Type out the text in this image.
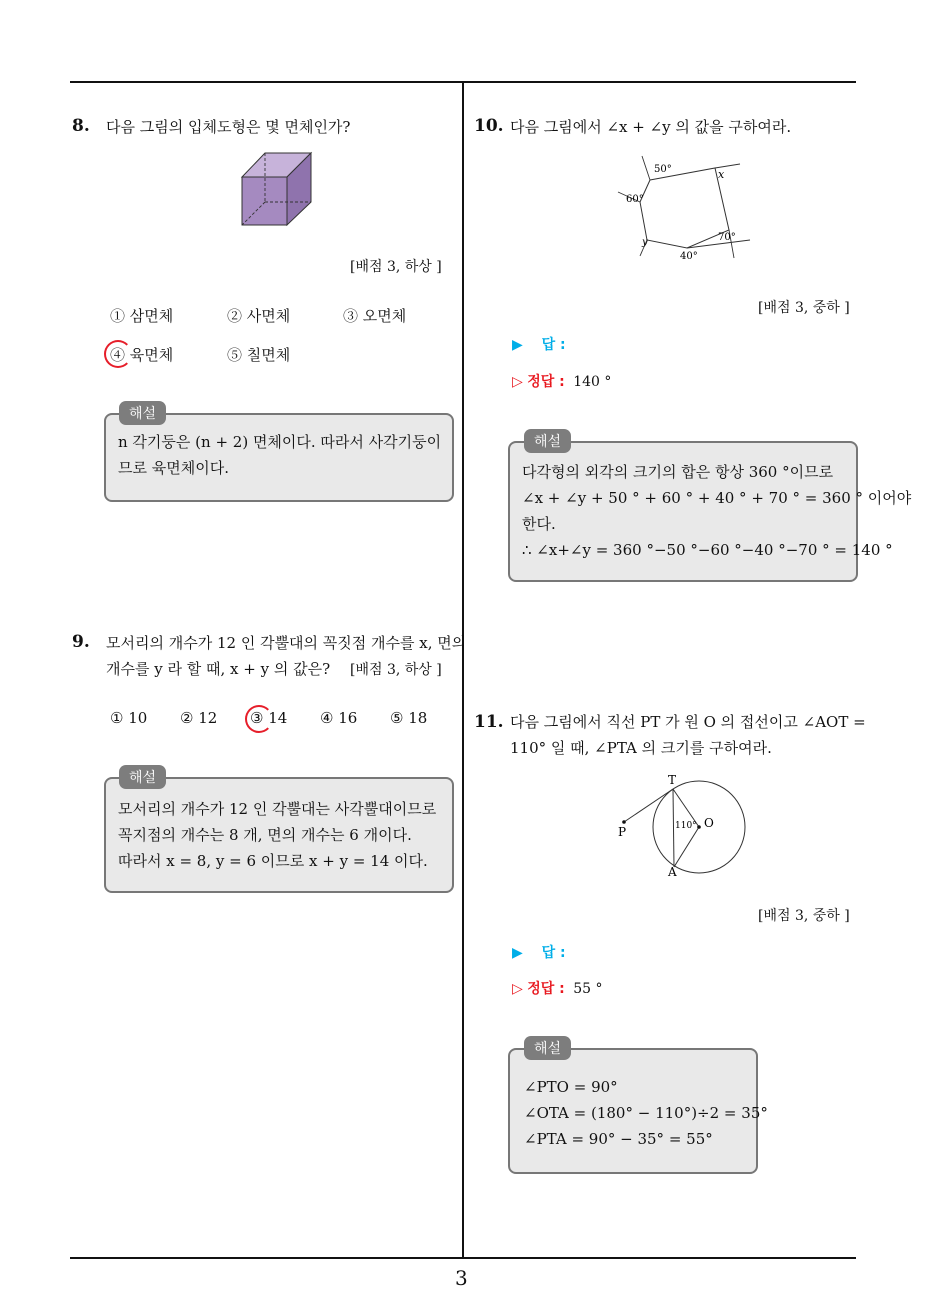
3
8. 다음 그림의 입체도형은 몇 면체인가?
[배점 3, 하상 ]
① 삼면체	② 사면체	③ 오면체
④ 육면체	⑤ 칠면체
n 각기둥은 (n + 2) 면체이다. 따라서 사각기둥이
므로 육면체이다.
해설
9. 모서리의 개수가 12 인 각뿔대의 꼭짓점 개수를 x, 면의
개수를 y 라 할 때, x + y 의 값은? [배점 3, 하상 ]
① 10 ② 12 ③ 14 ④ 16 ⑤ 18
모서리의 개수가 12 인 각뿔대는 사각뿔대이므로
꼭지점의 개수는 8 개, 면의 개수는 6 개이다.
따라서 x = 8, y = 6 이므로 x + y = 14 이다.
해설
10. 다음 그림에서 ∠x + ∠y 의 값을 구하여라.
50°	x
60°
70°
y
40°
[배점 3, 중하 ]
▶ 답 :
▷ 정답 : 140 °
다각형의 외각의 크기의 합은 항상 360 °이므로
∠x + ∠y + 50 ° + 60 ° + 40 ° + 70 ° = 360 ° 이어야
한다.
∴ ∠x+∠y = 360 °−50 °−60 °−40 °−70 ° = 140 °
해설
11. 다음 그림에서 직선 PT 가 원 O 의 접선이고 ∠AOT =
110° 일 때, ∠PTA 의 크기를 구하여라.
T
P	110° O
A
[배점 3, 중하 ]
▶ 답 :
▷ 정답 : 55 °
∠PTO = 90°
∠OTA = (180° − 110°)÷2 = 35°
∠PTA = 90° − 35° = 55°
해설
